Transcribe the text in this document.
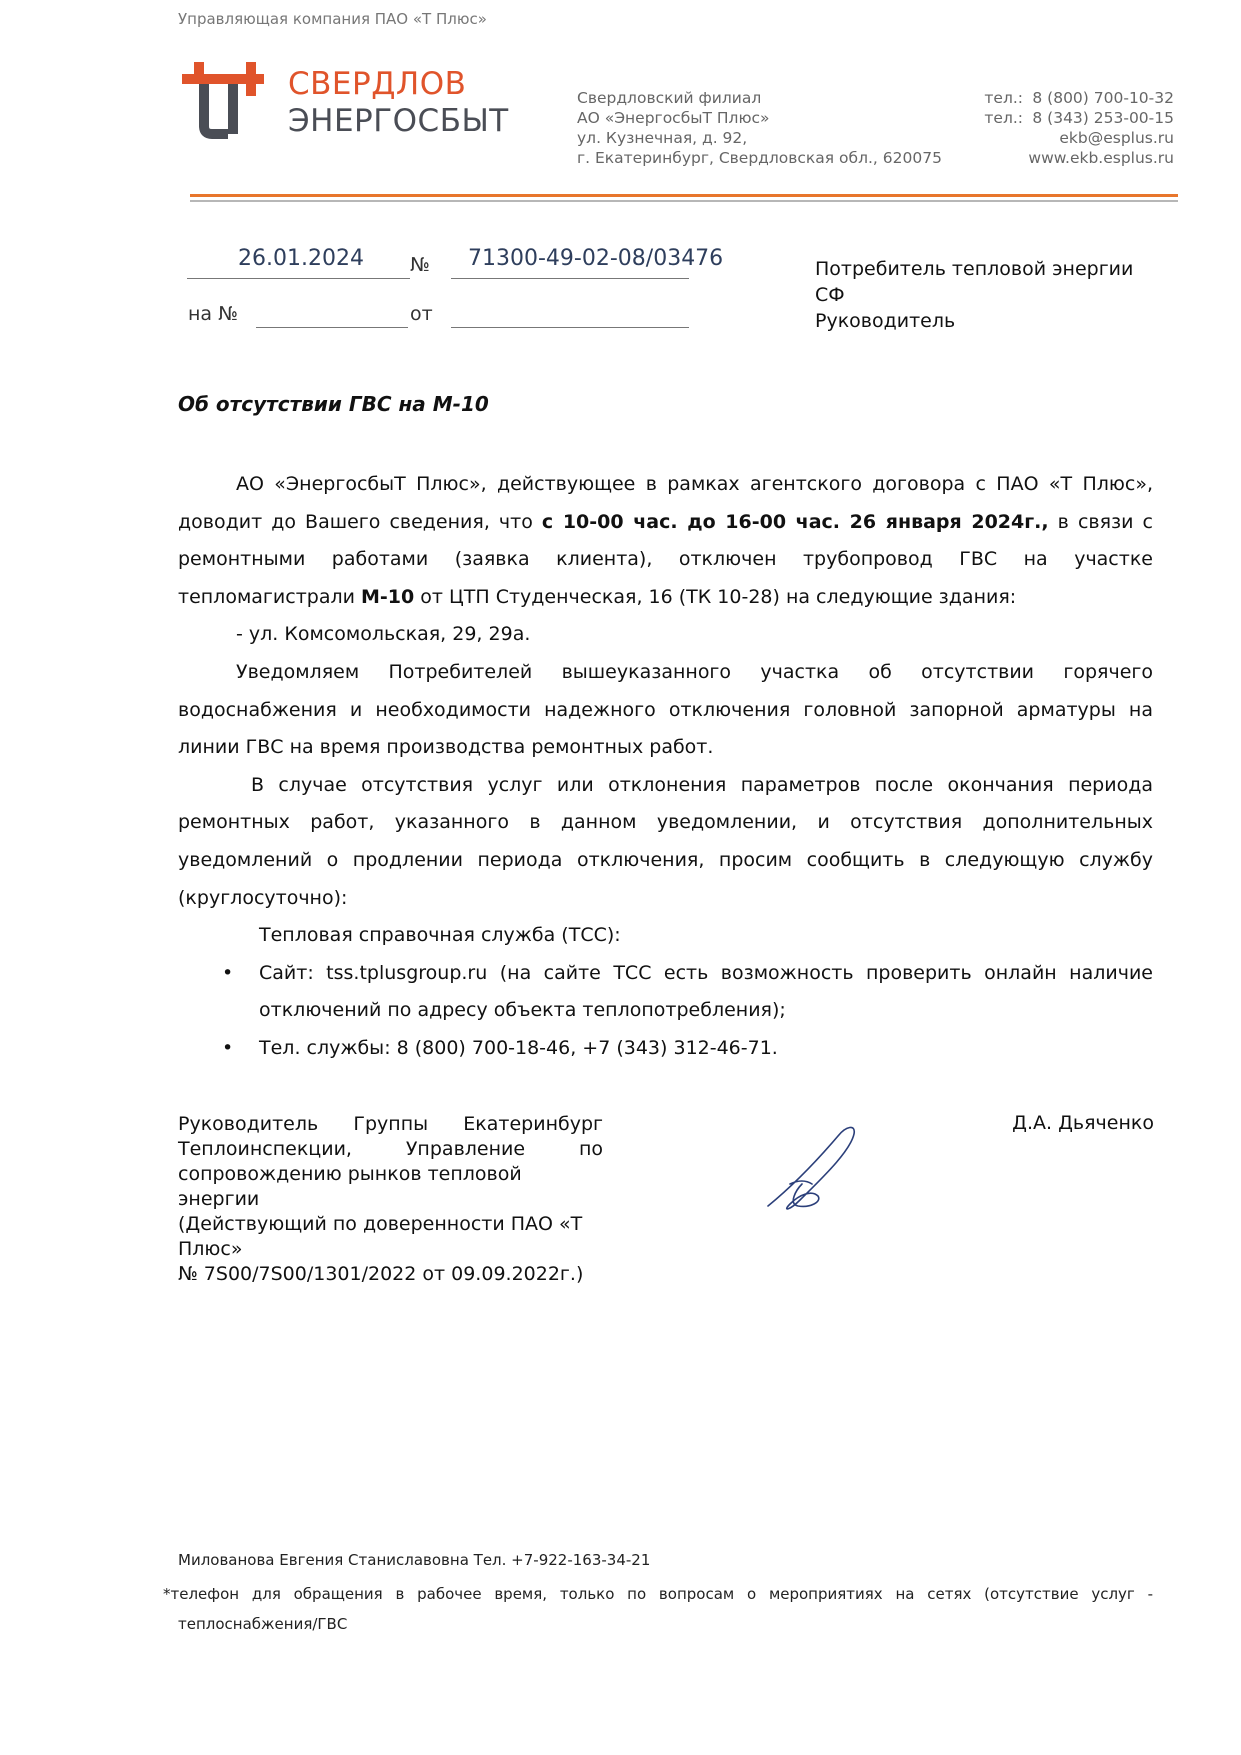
Управляющая компания ПАО «Т Плюс»
СВЕРДЛОВ
ЭНЕРГОСБЫТ
Свердловский филиал
АО «ЭнергосбыТ Плюс»
ул. Кузнечная, д. 92,
г. Екатеринбург, Свердловская обл., 620075
тел.: 8 (800) 700-10-32
тел.: 8 (343) 253-00-15
ekb@esplus.ru
www.ekb.esplus.ru
26.01.2024 № 71300-49-02-08/03476
на №	от
Потребитель тепловой энергии
СФ
Руководитель
Об отсутствии ГВС на М-10

АО «ЭнергосбыТ Плюс», действующее в рамках агентского договора с ПАО «Т Плюс», доводит до Вашего сведения, что с 10-00 час. до 16-00 час. 26 января 2024г., в связи с ремонтными работами (заявка клиента), отключен трубопровод ГВС на участке тепломагистрали М-10 от ЦТП Студенческая, 16 (ТК 10-28) на следующие здания:

- ул. Комсомольская, 29, 29а.

Уведомляем Потребителей вышеуказанного участка об отсутствии горячего водоснабжения и необходимости надежного отключения головной запорной арматуры на линии ГВС на время производства ремонтных работ.

В случае отсутствия услуг или отклонения параметров после окончания периода ремонтных работ, указанного в данном уведомлении, и отсутствия дополнительных уведомлений о продлении периода отключения, просим сообщить в следующую службу (круглосуточно):

Тепловая справочная служба (ТСС):

• Сайт: tss.tplusgroup.ru (на сайте ТСС есть возможность проверить онлайн наличие отключений по адресу объекта теплопотребления);
• Тел. службы: 8 (800) 700-18-46, +7 (343) 312-46-71.
Руководитель Группы Екатеринбург
Теплоинспекции, Управление по
сопровождению рынков тепловой энергии
(Действующий по доверенности ПАО «Т Плюс»
№ 7S00/7S00/1301/2022 от 09.09.2022г.)
Д.А. Дьяченко
Милованова Евгения Станиславовна Тел. +7-922-163-34-21
*телефон для обращения в рабочее время, только по вопросам о мероприятиях на сетях (отсутствие услуг -
теплоснабжения/ГВС
